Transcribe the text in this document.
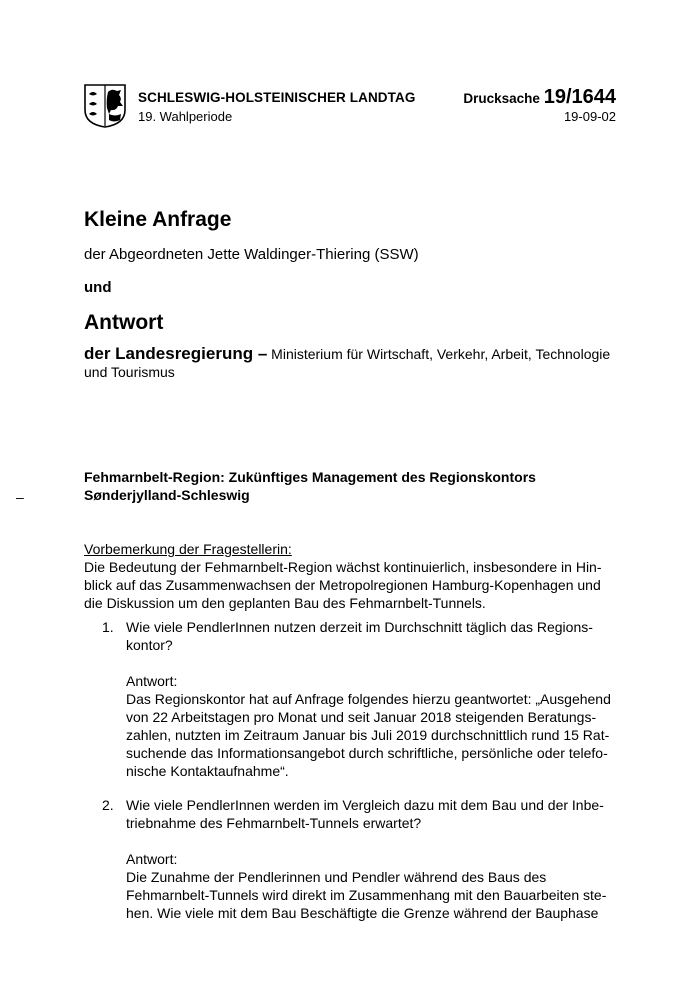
SCHLESWIG-HOLSTEINISCHER LANDTAG
19. Wahlperiode
Drucksache 19/1644
19-09-02
Kleine Anfrage
der Abgeordneten Jette Waldinger-Thiering (SSW)
und
Antwort
der Landesregierung – Ministerium für Wirtschaft, Verkehr, Arbeit, Technologie und Tourismus
Fehmarnbelt-Region: Zukünftiges Management des Regionskontors Sønderjylland-Schleswig
–
Vorbemerkung der Fragestellerin:
Die Bedeutung der Fehmarnbelt-Region wächst kontinuierlich, insbesondere in Hin-
blick auf das Zusammenwachsen der Metropolregionen Hamburg-Kopenhagen und
die Diskussion um den geplanten Bau des Fehmarnbelt-Tunnels.
1. Wie viele PendlerInnen nutzen derzeit im Durchschnitt täglich das Regions-
kontor?
Antwort:
Das Regionskontor hat auf Anfrage folgendes hierzu geantwortet: „Ausgehend
von 22 Arbeitstagen pro Monat und seit Januar 2018 steigenden Beratungs-
zahlen, nutzten im Zeitraum Januar bis Juli 2019 durchschnittlich rund 15 Rat-
suchende das Informationsangebot durch schriftliche, persönliche oder telefo-
nische Kontaktaufnahme“.
2. Wie viele PendlerInnen werden im Vergleich dazu mit dem Bau und der Inbe-
triebnahme des Fehmarnbelt-Tunnels erwartet?
Antwort:
Die Zunahme der Pendlerinnen und Pendler während des Baus des
Fehmarnbelt-Tunnels wird direkt im Zusammenhang mit den Bauarbeiten ste-
hen. Wie viele mit dem Bau Beschäftigte die Grenze während der Bauphase
